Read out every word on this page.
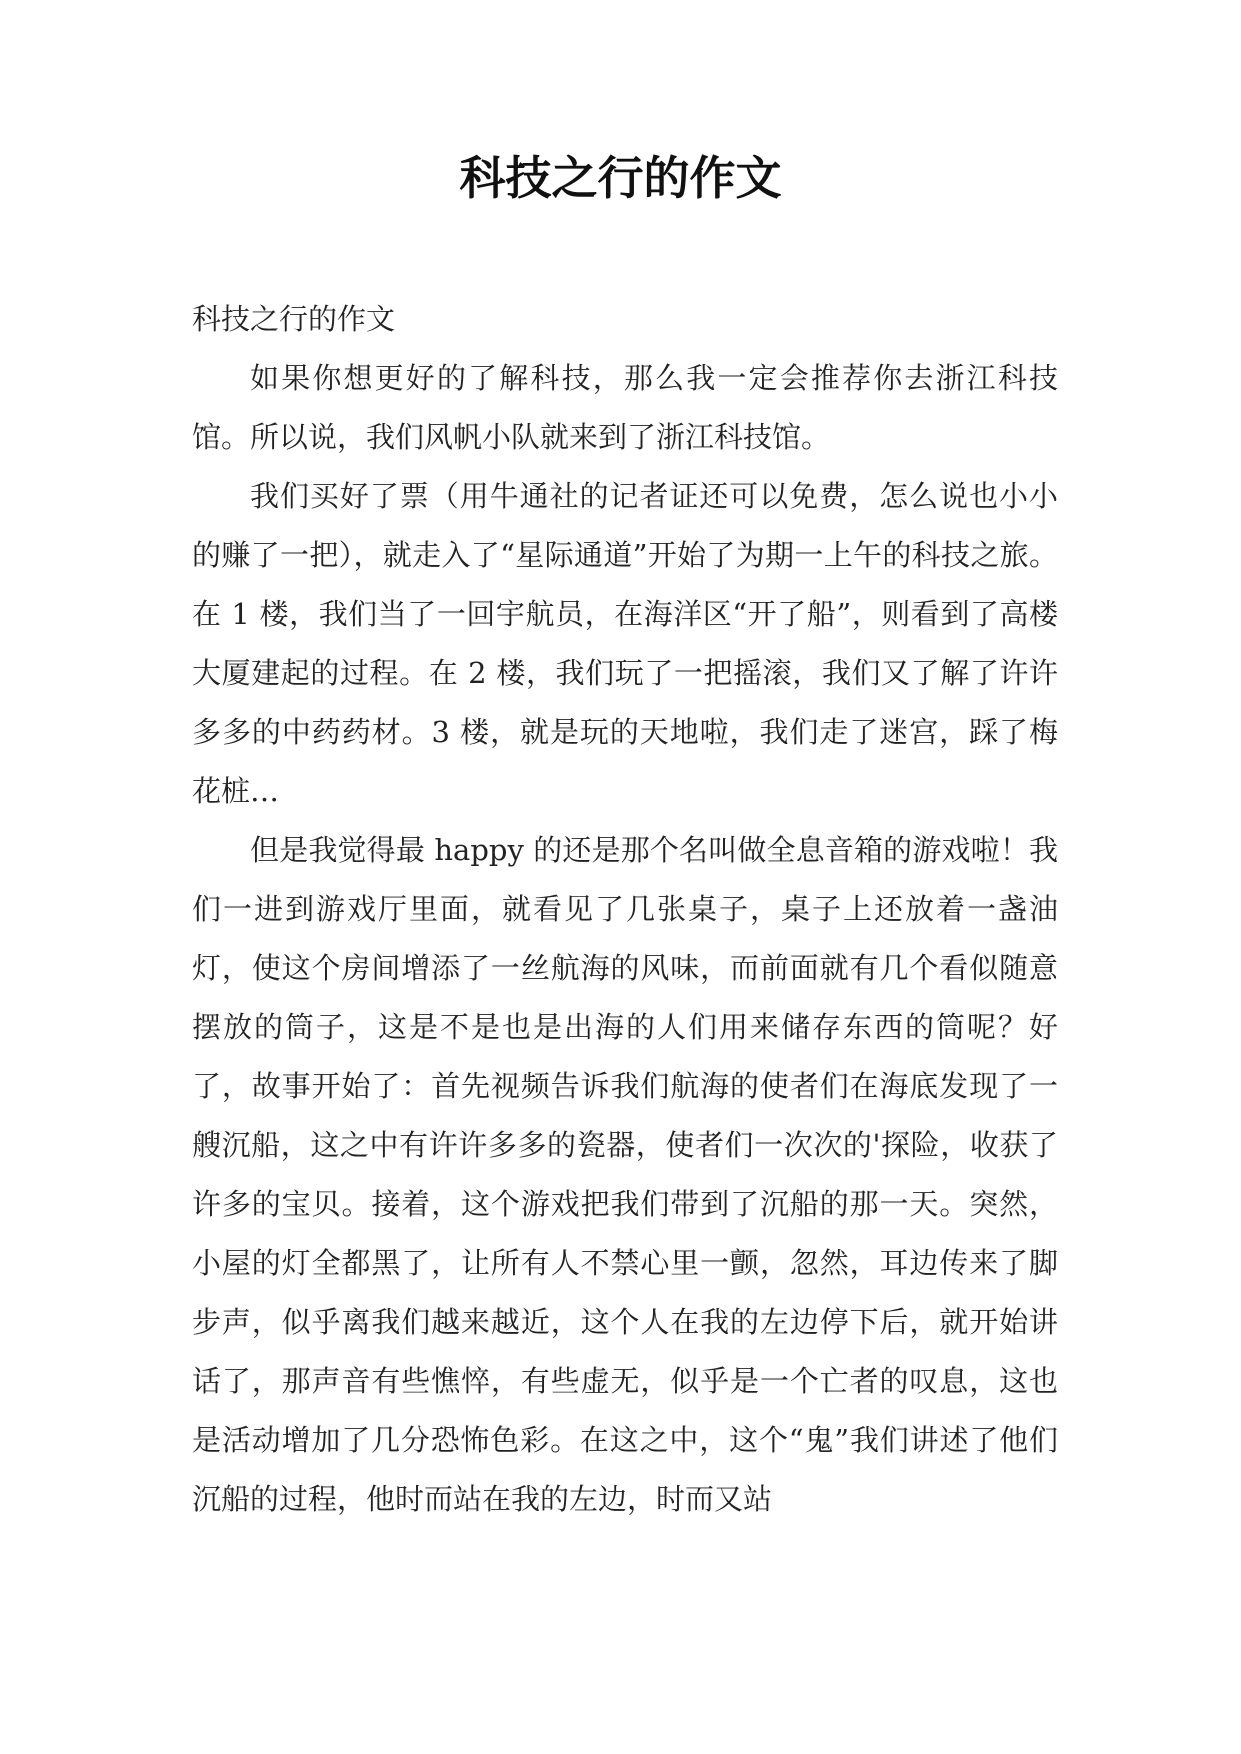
科技之行的作文

科技之行的作文

如果你想更好的了解科技，那么我一定会推荐你去浙江科技馆。所以说，我们风帆小队就来到了浙江科技馆。

我们买好了票（用牛通社的记者证还可以免费，怎么说也小小的赚了一把），就走入了“星际通道”开始了为期一上午的科技之旅。在 1 楼，我们当了一回宇航员，在海洋区“开了船”，则看到了高楼大厦建起的过程。在 2 楼，我们玩了一把摇滚，我们又了解了许许多多的中药药材。3 楼，就是玩的天地啦，我们走了迷宫，踩了梅花桩…

但是我觉得最 happy 的还是那个名叫做全息音箱的游戏啦！我们一进到游戏厅里面，就看见了几张桌子，桌子上还放着一盏油灯，使这个房间增添了一丝航海的风味，而前面就有几个看似随意摆放的筒子，这是不是也是出海的人们用来储存东西的筒呢？好了，故事开始了：首先视频告诉我们航海的使者们在海底发现了一艘沉船，这之中有许许多多的瓷器，使者们一次次的'探险，收获了许多的宝贝。接着，这个游戏把我们带到了沉船的那一天。突然，小屋的灯全都黑了，让所有人不禁心里一颤，忽然，耳边传来了脚步声，似乎离我们越来越近，这个人在我的左边停下后，就开始讲话了，那声音有些憔悴，有些虚无，似乎是一个亡者的叹息，这也是活动增加了几分恐怖色彩。在这之中，这个“鬼”我们讲述了他们沉船的过程，他时而站在我的左边，时而又站
